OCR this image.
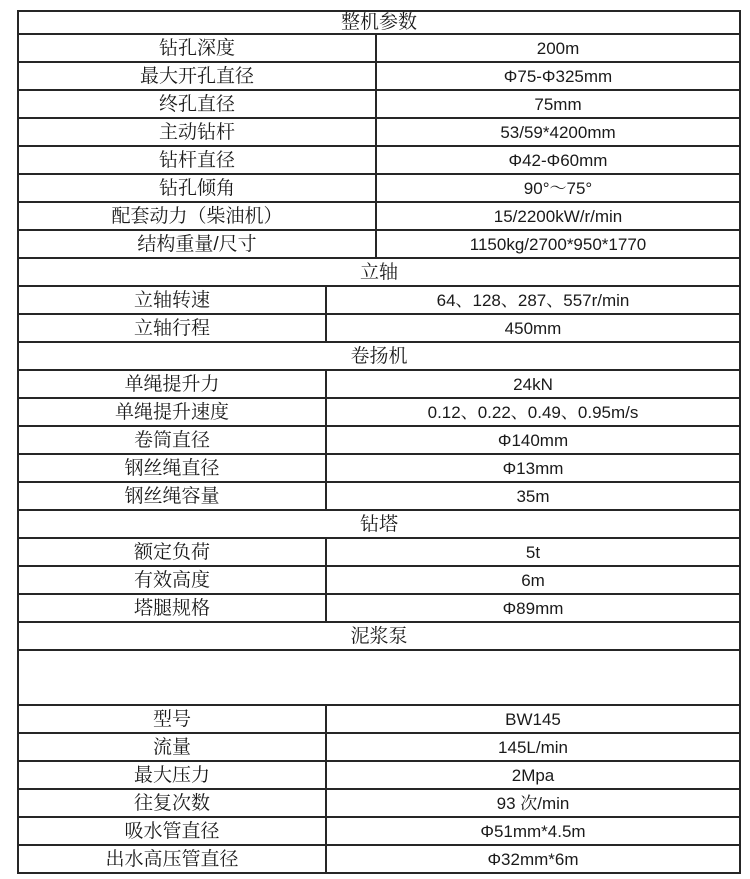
整机参数
钻孔深度	200m
最大开孔直径	Φ75-Φ325mm
终孔直径	75mm
主动钻杆	53/59*4200mm
钻杆直径	Φ42-Φ60mm
钻孔倾角	90°～75°
配套动力（柴油机）	15/2200kW/r/min
结构重量/尺寸	1150kg/2700*950*1770
立轴
立轴转速	64、128、287、557r/min
立轴行程	450mm
卷扬机
单绳提升力	24kN
单绳提升速度	0.12、0.22、0.49、0.95m/s
卷筒直径	Φ140mm
钢丝绳直径	Φ13mm
钢丝绳容量	35m
钻塔
额定负荷	5t
有效高度	6m
塔腿规格	Φ89mm
泥浆泵
型号	BW145
流量	145L/min
最大压力	2Mpa
往复次数	93 次/min
吸水管直径	Φ51mm*4.5m
出水高压管直径	Φ32mm*6m
